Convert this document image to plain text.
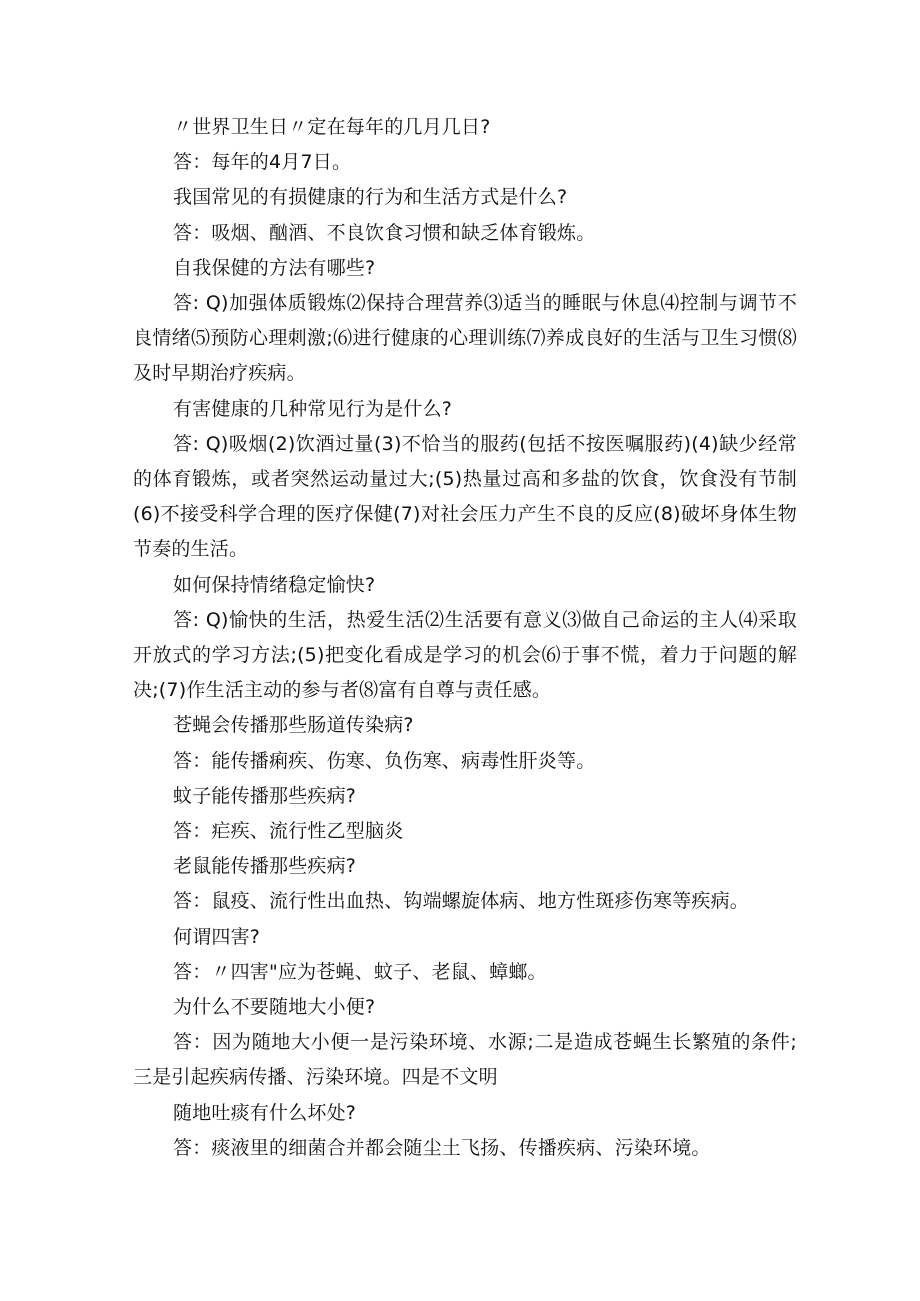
〃世界卫生日〃定在每年的几月几日?

答：每年的4月7日。

我国常见的有损健康的行为和生活方式是什么?

答：吸烟、酗酒、不良饮食习惯和缺乏体育锻炼。

自我保健的方法有哪些?

答: Q)加强体质锻炼⑵保持合理营养⑶适当的睡眠与休息⑷控制与调节不良情绪⑸预防心理刺激;⑹进行健康的心理训练⑺养成良好的生活与卫生习惯⑻及时早期治疗疾病。

有害健康的几种常见行为是什么?

答: Q)吸烟(2)饮酒过量(3)不恰当的服药(包括不按医嘱服药)(4)缺少经常的体育锻炼，或者突然运动量过大;(5)热量过高和多盐的饮食，饮食没有节制(6)不接受科学合理的医疗保健(7)对社会压力产生不良的反应(8)破坏身体生物节奏的生活。

如何保持情绪稳定愉快?

答: Q)愉快的生活，热爱生活⑵生活要有意义⑶做自己命运的主人⑷采取开放式的学习方法;(5)把变化看成是学习的机会⑹于事不慌，着力于问题的解决;(7)作生活主动的参与者⑻富有自尊与责任感。

苍蝇会传播那些肠道传染病?

答：能传播痢疾、伤寒、负伤寒、病毒性肝炎等。

蚊子能传播那些疾病?

答：疟疾、流行性乙型脑炎

老鼠能传播那些疾病?

答：鼠疫、流行性出血热、钩端螺旋体病、地方性斑疹伤寒等疾病。

何谓四害?

答：〃四害"应为苍蝇、蚊子、老鼠、蟑螂。

为什么不要随地大小便?

答：因为随地大小便一是污染环境、水源;二是造成苍蝇生长繁殖的条件;三是引起疾病传播、污染环境。四是不文明

随地吐痰有什么坏处?

答：痰液里的细菌合并都会随尘土飞扬、传播疾病、污染环境。
